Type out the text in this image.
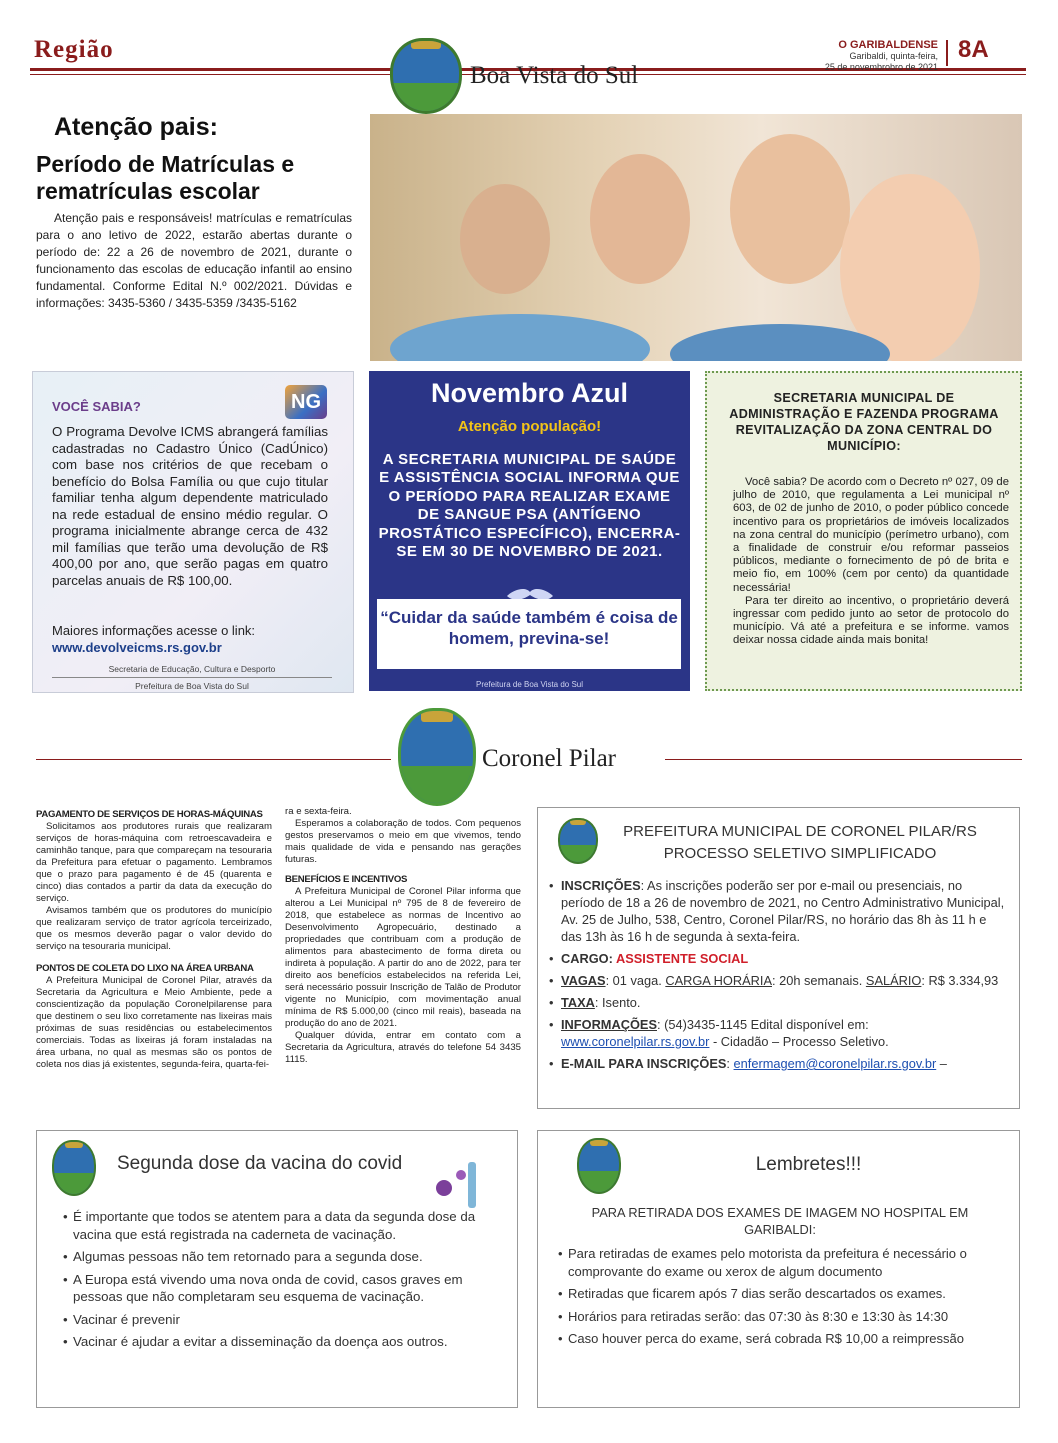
Região
Boa Vista do Sul
O GARIBALDENSE
Garibaldi, quinta-feira,
25 de novembrobro de 2021
8A
Atenção pais:
Período de Matrículas e rematrículas escolar
Atenção pais e responsáveis! matrículas e rematrículas para o ano letivo de 2022, estarão abertas durante o período de: 22 a 26 de novembro de 2021, durante o funcionamento das escolas de educação infantil ao ensino fundamental. Conforme Edital N.º 002/2021. Dúvidas e informações: 3435-5360 / 3435-5359 /3435-5162
VOCÊ SABIA?	NG
O Programa Devolve ICMS abrangerá famílias cadastradas no Cadastro Único (CadÚnico) com base nos critérios de que recebam o benefício do Bolsa Família ou que cujo titular familiar tenha algum dependente matriculado na rede estadual de ensino médio regular. O programa inicialmente abrange cerca de 432 mil famílias que terão uma devolução de R$ 400,00 por ano, que serão pagas em quatro parcelas anuais de R$ 100,00.
Maiores informações acesse o link:
www.devolveicms.rs.gov.br
Secretaria de Educação, Cultura e Desporto
Prefeitura de Boa Vista do Sul
Novembro Azul
Atenção população!
A SECRETARIA MUNICIPAL DE SAÚDE E ASSISTÊNCIA SOCIAL INFORMA QUE O PERÍODO PARA REALIZAR EXAME DE SANGUE PSA (ANTÍGENO PROSTÁTICO ESPECÍFICO), ENCERRA-SE EM 30 DE NOVEMBRO DE 2021.
“Cuidar da saúde também é coisa de homem, previna-se!
Prefeitura de Boa Vista do Sul
SECRETARIA MUNICIPAL DE ADMINISTRAÇÃO E FAZENDA PROGRAMA REVITALIZAÇÃO DA ZONA CENTRAL DO MUNICÍPIO:

Você sabia? De acordo com o Decreto nº 027, 09 de julho de 2010, que regulamenta a Lei municipal nº 603, de 02 de junho de 2010, o poder público concede incentivo para os proprietários de imóveis localizados na zona central do município (perímetro urbano), com a finalidade de construir e/ou reformar passeios públicos, mediante o fornecimento de pó de brita e meio fio, em 100% (cem por cento) da quantidade necessária!

Para ter direito ao incentivo, o proprietário deverá ingressar com pedido junto ao setor de protocolo do município. Vá até a prefeitura e se informe. vamos deixar nossa cidade ainda mais bonita!

Coronel Pilar

PAGAMENTO DE SERVIÇOS DE HORAS-MÁQUINAS

Solicitamos aos produtores rurais que realizaram serviços de horas-máquina com retroescavadeira e caminhão tanque, para que compareçam na tesouraria da Prefeitura para efetuar o pagamento. Lembramos que o prazo para pagamento é de 45 (quarenta e cinco) dias contados a partir da data da execução do serviço.

Avisamos também que os produtores do município que realizaram serviço de trator agrícola terceirizado, que os mesmos deverão pagar o valor devido do serviço na tesouraria municipal.

PONTOS DE COLETA DO LIXO NA ÁREA URBANA

A Prefeitura Municipal de Coronel Pilar, através da Secretaria da Agricultura e Meio Ambiente, pede a conscientização da população Coronelpilarense para que destinem o seu lixo corretamente nas lixeiras mais próximas de suas residências ou estabelecimentos comerciais. Todas as lixeiras já foram instaladas na área urbana, no qual as mesmas são os pontos de coleta nos dias já existentes, segunda-feira, quarta-fei-

ra e sexta-feira.

Esperamos a colaboração de todos. Com pequenos gestos preservamos o meio em que vivemos, tendo mais qualidade de vida e pensando nas gerações futuras.

BENEFÍCIOS E INCENTIVOS

A Prefeitura Municipal de Coronel Pilar informa que alterou a Lei Municipal nº 795 de 8 de fevereiro de 2018, que estabelece as normas de Incentivo ao Desenvolvimento Agropecuário, destinado a propriedades que contribuam com a produção de alimentos para abastecimento de forma direta ou indireta à população. A partir do ano de 2022, para ter direito aos benefícios estabelecidos na referida Lei, será necessário possuir Inscrição de Talão de Produtor vigente no Município, com movimentação anual mínima de R$ 5.000,00 (cinco mil reais), baseada na produção do ano de 2021.

Qualquer dúvida, entrar em contato com a Secretaria da Agricultura, através do telefone 54 3435 1115.

PREFEITURA MUNICIPAL DE CORONEL PILAR/RS
PROCESSO SELETIVO SIMPLIFICADO
• INSCRIÇÕES: As inscrições poderão ser por e-mail ou presenciais, no período de 18 a 26 de novembro de 2021, no Centro Administrativo Municipal, Av. 25 de Julho, 538, Centro, Coronel Pilar/RS, no horário das 8h às 11 h e das 13h às 16 h de segunda à sexta-feira.
• CARGO: ASSISTENTE SOCIAL
• VAGAS: 01 vaga. CARGA HORÁRIA: 20h semanais. SALÁRIO: R$ 3.334,93
• TAXA: Isento.
• INFORMAÇÕES: (54)3435-1145 Edital disponível em: www.coronelpilar.rs.gov.br - Cidadão – Processo Seletivo.
• E-MAIL PARA INSCRIÇÕES: enfermagem@coronelpilar.rs.gov.br –
Segunda dose da vacina do covid
• É importante que todos se atentem para a data da segunda dose da vacina que está registrada na caderneta de vacinação.
• Algumas pessoas não tem retornado para a segunda dose.
• A Europa está vivendo uma nova onda de covid, casos graves em pessoas que não completaram seu esquema de vacinação.
• Vacinar é prevenir
• Vacinar é ajudar a evitar a disseminação da doença aos outros.
Lembretes!!!
PARA RETIRADA DOS EXAMES DE IMAGEM NO HOSPITAL EM GARIBALDI:
• Para retiradas de exames pelo motorista da prefeitura é necessário o comprovante do exame ou xerox de algum documento
• Retiradas que ficarem após 7 dias serão descartados os exames.
• Horários para retiradas serão: das 07:30 às 8:30 e 13:30 às 14:30
• Caso houver perca do exame, será cobrada R$ 10,00 a reimpressão
